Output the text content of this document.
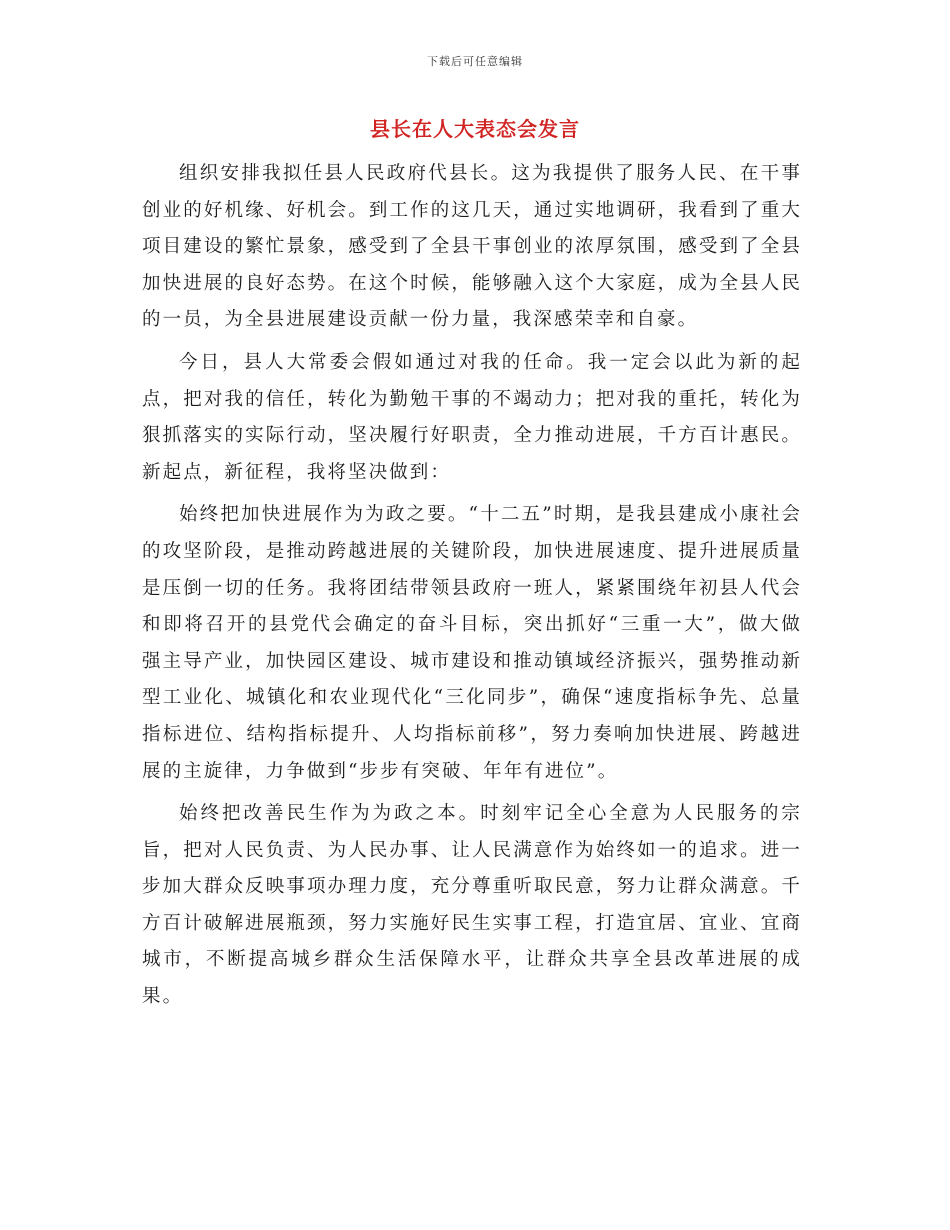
下载后可任意编辑
县长在人大表态会发言

组织安排我拟任县人民政府代县长。这为我提供了服务人民、在干事创业的好机缘、好机会。到工作的这几天，通过实地调研，我看到了重大项目建设的繁忙景象，感受到了全县干事创业的浓厚氛围，感受到了全县加快进展的良好态势。在这个时候，能够融入这个大家庭，成为全县人民的一员，为全县进展建设贡献一份力量，我深感荣幸和自豪。

今日，县人大常委会假如通过对我的任命。我一定会以此为新的起点，把对我的信任，转化为勤勉干事的不竭动力；把对我的重托，转化为狠抓落实的实际行动，坚决履行好职责，全力推动进展，千方百计惠民。新起点，新征程，我将坚决做到：

始终把加快进展作为为政之要。“十二五”时期，是我县建成小康社会的攻坚阶段，是推动跨越进展的关键阶段，加快进展速度、提升进展质量是压倒一切的任务。我将团结带领县政府一班人，紧紧围绕年初县人代会和即将召开的县党代会确定的奋斗目标，突出抓好“三重一大”，做大做强主导产业，加快园区建设、城市建设和推动镇域经济振兴，强势推动新型工业化、城镇化和农业现代化“三化同步”，确保“速度指标争先、总量指标进位、结构指标提升、人均指标前移”，努力奏响加快进展、跨越进展的主旋律，力争做到“步步有突破、年年有进位”。

始终把改善民生作为为政之本。时刻牢记全心全意为人民服务的宗旨，把对人民负责、为人民办事、让人民满意作为始终如一的追求。进一步加大群众反映事项办理力度，充分尊重听取民意，努力让群众满意。千方百计破解进展瓶颈，努力实施好民生实事工程，打造宜居、宜业、宜商城市，不断提高城乡群众生活保障水平，让群众共享全县改革进展的成果。
